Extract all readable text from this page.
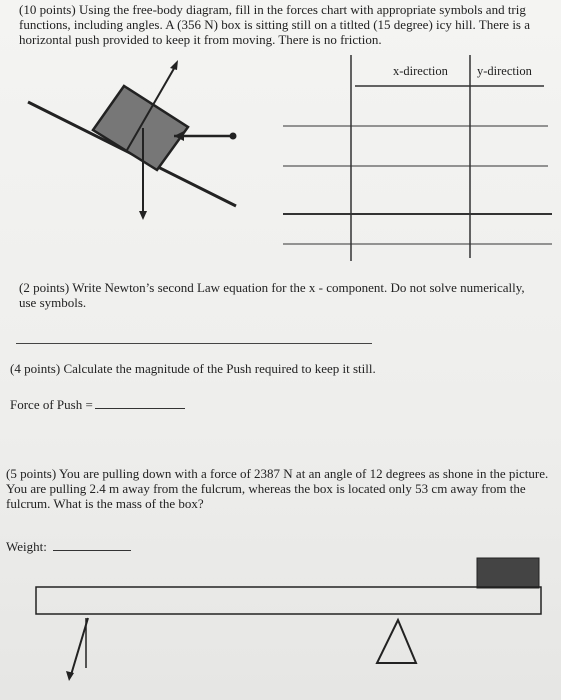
(10 points) Using the free-body diagram, fill in the forces chart with appropriate symbols and trig functions, including angles. A (356 N) box is sitting still on a titlted (15 degree) icy hill. There is a horizontal push provided to keep it from moving. There is no friction.
x-direction y-direction
(2 points) Write Newton’s second Law equation for the x - component. Do not solve numerically, use symbols.
(4 points) Calculate the magnitude of the Push required to keep it still.
Force of Push =
(5 points) You are pulling down with a force of 2387 N at an angle of 12 degrees as shone in the picture. You are pulling 2.4 m away from the fulcrum, whereas the box is located only 53 cm away from the fulcrum. What is the mass of the box?
Weight:
